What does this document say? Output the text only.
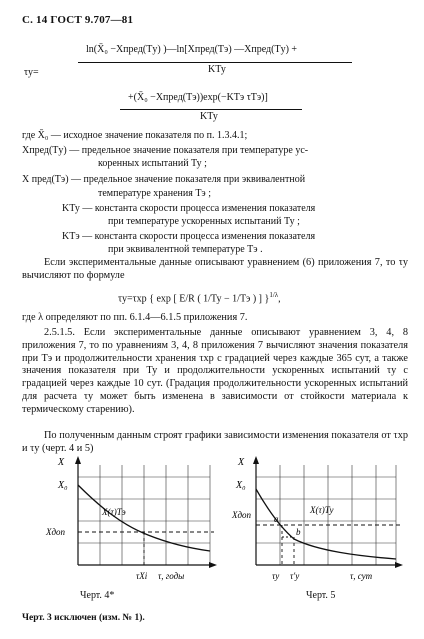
С. 14 ГОСТ 9.707—81
τу=
ln(X̄₀ −Xпред(Тy) )—ln[Xпред(Тэ) —Xпред(Тy) +
KТу
+(X̄₀ −Xпред(Тэ))exp(−KТэ τТэ)]
KТу
где X̄₀ — исходное значение показателя по п. 1.3.4.1;
Xпред(Тy) — предельное значение показателя при температуре ус-
коренных испытаний Ту ;
X пред(Тэ) — предельное значение показателя при эквивалентной
температуре хранения Тэ ;
KТу — константа скорости процесса изменения показателя
при температуре ускоренных испытаний Ту ;
KТэ — константа скорости процесса изменения показателя
при эквивалентной температуре Тэ .
Если экспериментальные данные описывают уравнением (6) приложения 7, то τy вычисляют по формуле
τу=τхр { exp [ E/R ( 1/Ту − 1/Тэ ) ] }$^{1/\lambda}$,
где λ определяют по пп. 6.1.4—6.1.5 приложения 7.
2.5.1.5. Если экспериментальные данные описывают уравнением 3, 4, 8 приложения 7, то по уравнениям 3, 4, 8 приложения 7 вычисляют значения показателя при Тэ и продолжительности хранения τхр с градацией через каждые 365 сут, а также значения показателя при Ту и продолжительности ускоренных испытаний τу с градацией через каждые 10 сут. (Градация продолжительности ускоренных испытаний для расчета τу может быть изменена в зависимости от стойкости материала к термическому старению).
По полученным данным строят графики зависимости изменения показателя от τхр и τу (черт. 4 и 5)
X
X₀
Xдоп
X(τ)Тэ
τXi τ, годы
Черт. 4*
X
X₀
Xдоп	a
b
X(τ)Ту
τу τ′у	τ, сут
Черт. 5
Черт. 3 исключен (изм. № 1).
